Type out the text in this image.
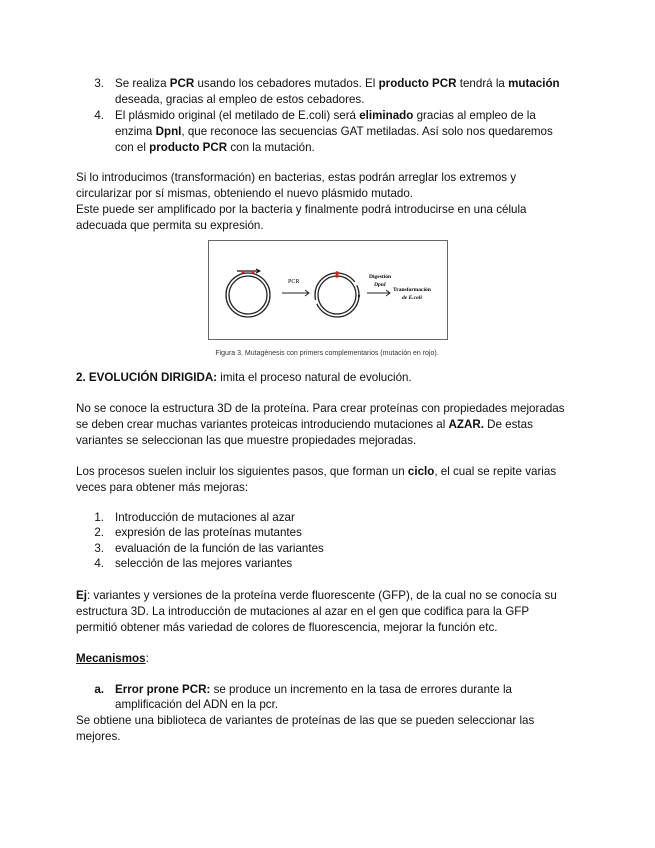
3. Se realiza PCR usando los cebadores mutados. El producto PCR tendrá la mutación
deseada, gracias al empleo de estos cebadores.
4. El plásmido original (el metilado de E.coli) será eliminado gracias al empleo de la
enzima DpnI, que reconoce las secuencias GAT metiladas. Así solo nos quedaremos
con el producto PCR con la mutación.
Si lo introducimos (transformación) en bacterias, estas podrán arreglar los extremos y
circularizar por sí mismas, obteniendo el nuevo plásmido mutado.
Este puede ser amplificado por la bacteria y finalmente podrá introducirse en una célula
adecuada que permita su expresión.
PCR
Digestión
DpnI
Transformación
de E.coli
Figura 3. Mutagénesis con primers complementarios (mutación en rojo).
2. EVOLUCIÓN DIRIGIDA: imita el proceso natural de evolución.
No se conoce la estructura 3D de la proteína. Para crear proteínas con propiedades mejoradas
se deben crear muchas variantes proteicas introduciendo mutaciones al AZAR. De estas
variantes se seleccionan las que muestre propiedades mejoradas.
Los procesos suelen incluir los siguientes pasos, que forman un ciclo, el cual se repite varias
veces para obtener más mejoras:
1. Introducción de mutaciones al azar
2. expresión de las proteínas mutantes
3. evaluación de la función de las variantes
4. selección de las mejores variantes
Ej: variantes y versiones de la proteína verde fluorescente (GFP), de la cual no se conocía su
estructura 3D. La introducción de mutaciones al azar en el gen que codifica para la GFP
permitió obtener más variedad de colores de fluorescencia, mejorar la función etc.
Mecanismos:
a. Error prone PCR: se produce un incremento en la tasa de errores durante la
amplificación del ADN en la pcr.
Se obtiene una biblioteca de variantes de proteínas de las que se pueden seleccionar las
mejores.
